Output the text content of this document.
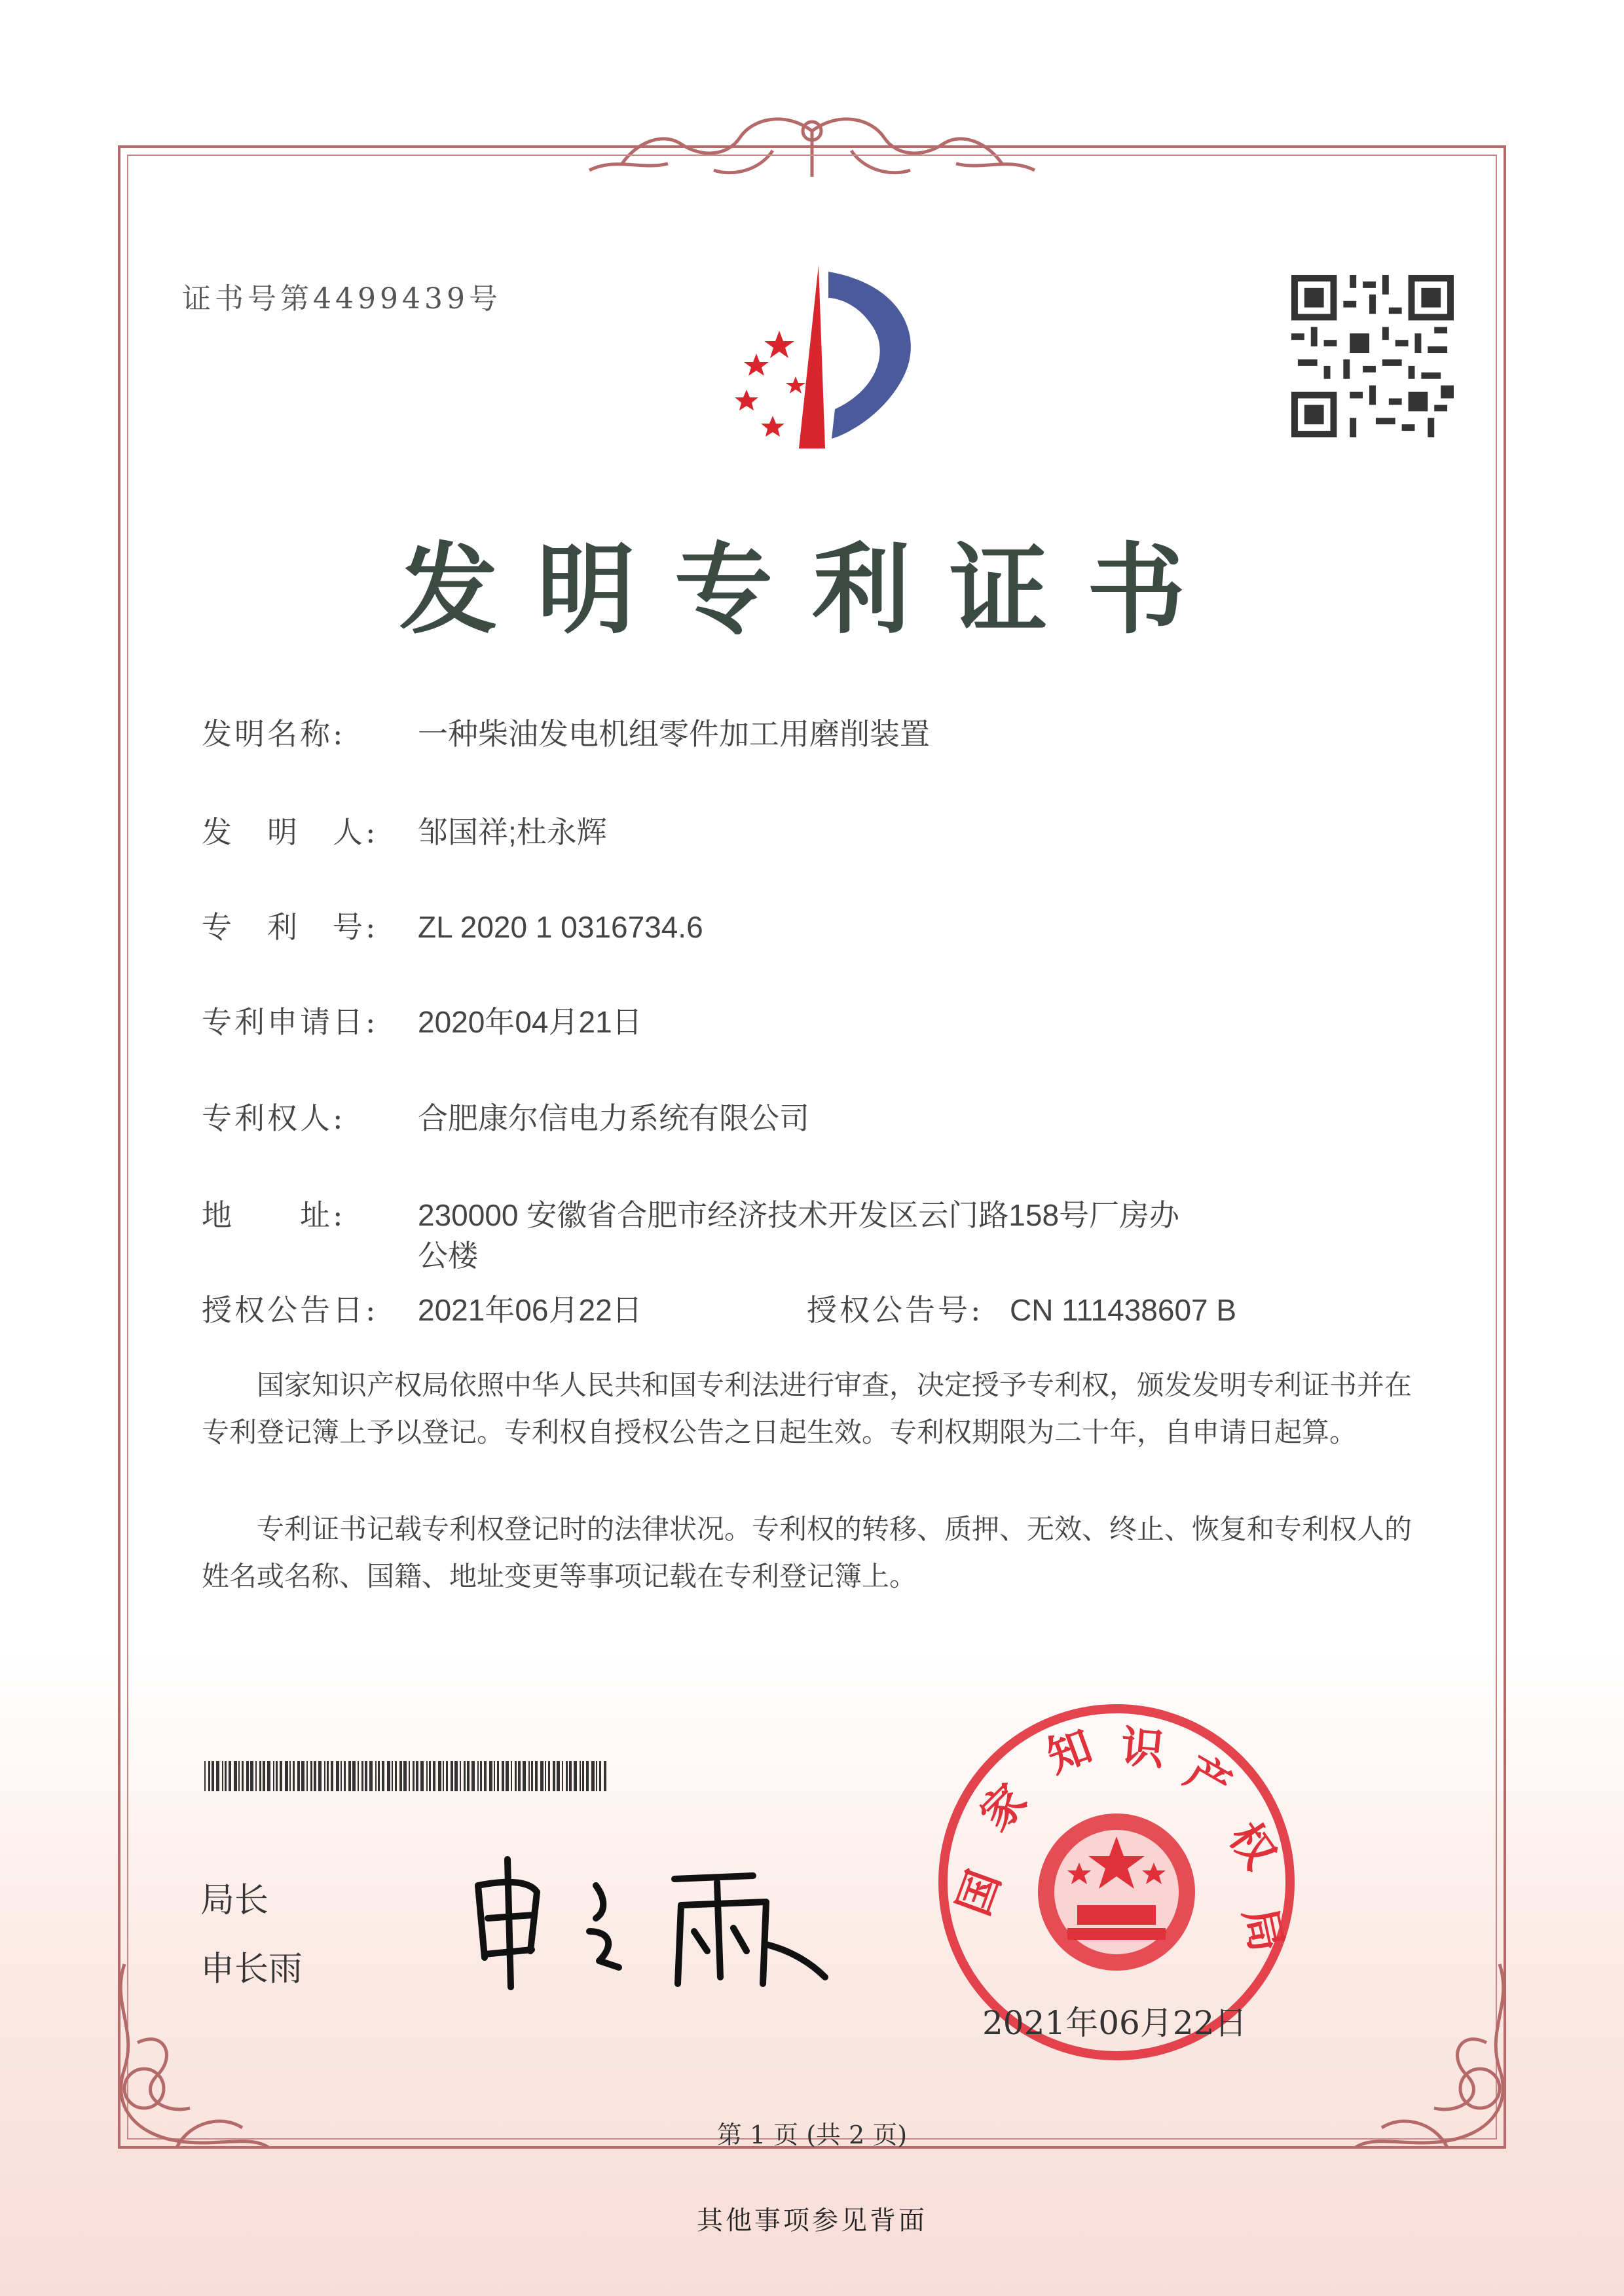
证书号第4499439号
发明专利证书
发明名称: 一种柴油发电机组零件加工用磨削装置
发　明　人: 邹国祥;杜永辉
专　利　号: ZL 2020 1 0316734.6
专利申请日: 2020年04月21日
专利权人: 合肥康尔信电力系统有限公司
地　　址: 230000 安徽省合肥市经济技术开发区云门路158号厂房办
公楼
授权公告日: 2021年06月22日	授权公告号: CN 111438607 B
国家知识产权局依照中华人民共和国专利法进行审查，决定授予专利权，颁发发明专利证书并在专利登记簿上予以登记。专利权自授权公告之日起生效。专利权期限为二十年，自申请日起算。
专利证书记载专利权登记时的法律状况。专利权的转移、质押、无效、终止、恢复和专利权人的姓名或名称、国籍、地址变更等事项记载在专利登记簿上。
局长
申长雨
国
家
知 识 产
权
局
2021年06月22日
第 1 页 (共 2 页)
其他事项参见背面
